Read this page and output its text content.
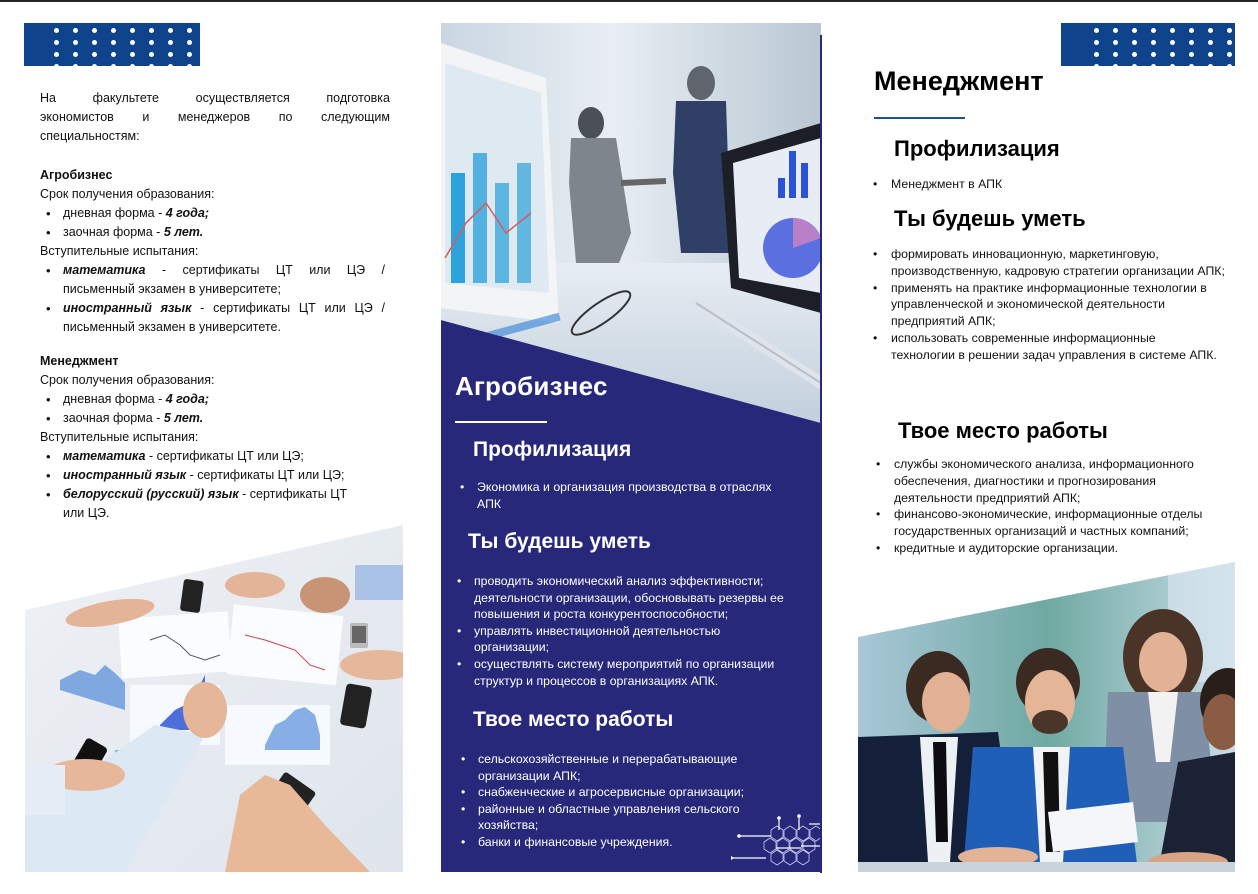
На факультете осуществляется подготовка
экономистов и менеджеров по следующим
специальностям:
Агробизнес
Срок получения образования:
• дневная форма - 4 года;
• заочная форма - 5 лет.
Вступительные испытания:
• математика - сертификаты ЦТ или ЦЭ /
письменный экзамен в университете;
• иностранный язык - сертификаты ЦТ или ЦЭ /
письменный экзамен в университете.
Менеджмент
Срок получения образования:
• дневная форма - 4 года;
• заочная форма - 5 лет.
Вступительные испытания:
• математика - сертификаты ЦТ или ЦЭ;
• иностранный язык - сертификаты ЦТ или ЦЭ;
• белорусский (русский) язык - сертификаты ЦТ или ЦЭ.
Агробизнес
Профилизация
• Экономика и организация производства в отраслях АПК
Ты будешь уметь
• проводить экономический анализ эффективности; деятельности организации, обосновывать резервы ее повышения и роста конкурентоспособности;
• управлять инвестиционной деятельностью организации;
• осуществлять систему мероприятий по организации структур и процессов в организациях АПК.
Твое место работы
• сельскохозяйственные и перерабатывающие организации АПК;
• снабженческие и агросервисные организации;
• районные и областные управления сельского хозяйства;
• банки и финансовые учреждения.
Менеджмент
Профилизация
• Менеджмент в АПК
Ты будешь уметь
• формировать инновационную, маркетинговую, производственную, кадровую стратегии организации АПК;
• применять на практике информационные технологии в управленческой и экономической деятельности предприятий АПК;
• использовать современные информационные технологии в решении задач управления в системе АПК.
Твое место работы
• службы экономического анализа, информационного обеспечения, диагностики и прогнозирования деятельности предприятий АПК;
• финансово-экономические, информационные отделы государственных организаций и частных компаний;
• кредитные и аудиторские организации.
